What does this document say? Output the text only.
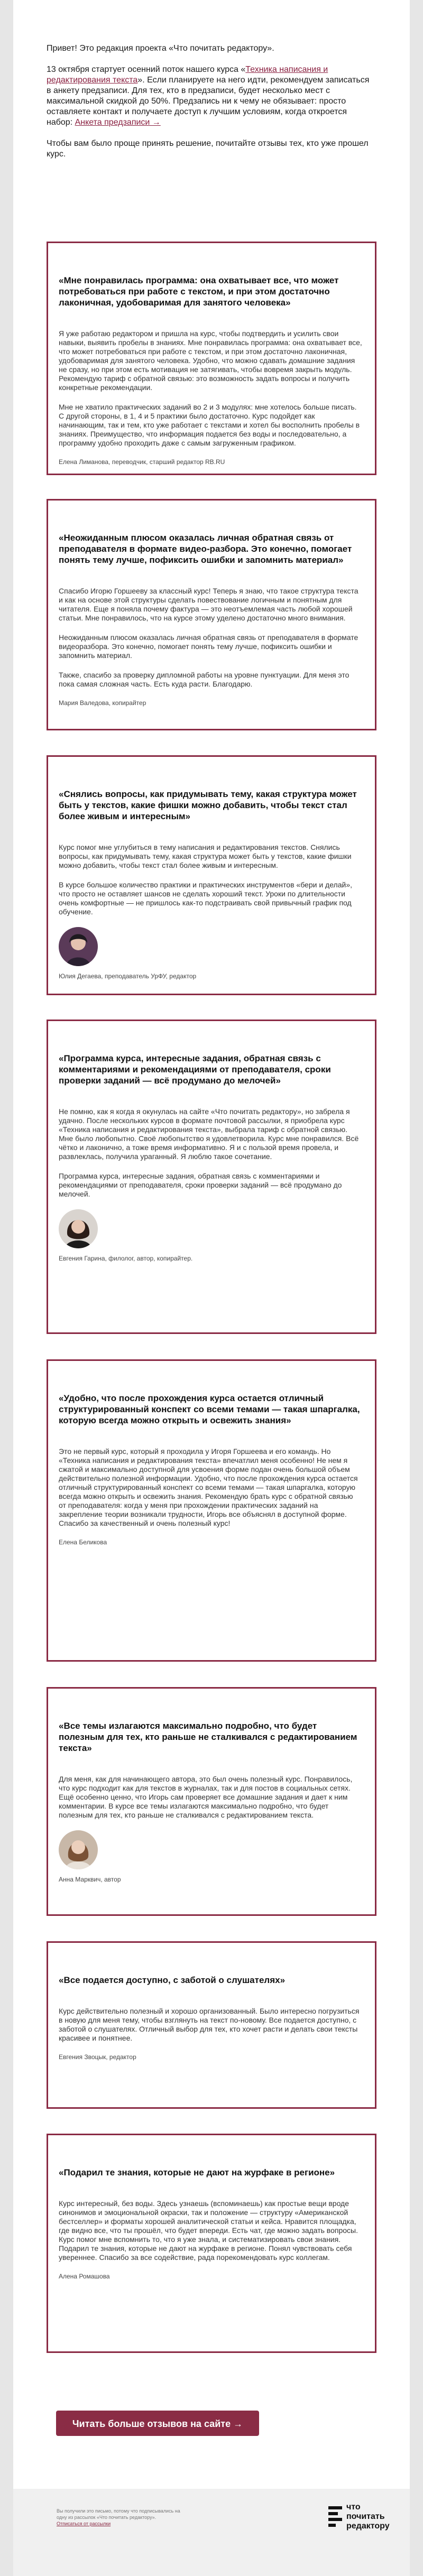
Привет! Это редакция проекта «Что почитать редактору».

13 октября стартует осенний поток нашего курса «Техника написания и редактирования текста». Если планируете на него идти, рекомендуем записаться в анкету предзаписи. Для тех, кто в предзаписи, будет несколько мест с максимальной скидкой до 50%. Предзапись ни к чему не обязывает: просто оставляете контакт и получаете доступ к лучшим условиям, когда откроется набор: Анкета предзаписи →

Чтобы вам было проще принять решение, почитайте отзывы тех, кто уже прошел курс.

«Мне понравилась программа: она охватывает все, что может потребоваться при работе с текстом, и при этом достаточно лаконичная, удобоваримая для занятого человека»

Я уже работаю редактором и пришла на курс, чтобы подтвердить и усилить свои навыки, выявить пробелы в знаниях. Мне понравилась программа: она охватывает все, что может потребоваться при работе с текстом, и при этом достаточно лаконичная, удобоваримая для занятого человека. Удобно, что можно сдавать домашние задания не сразу, но при этом есть мотивация не затягивать, чтобы вовремя закрыть модуль. Рекомендую тариф с обратной связью: это возможность задать вопросы и получить конкретные рекомендации.

Мне не хватило практических заданий во 2 и 3 модулях: мне хотелось больше писать. С другой стороны, в 1, 4 и 5 практики было достаточно. Курс подойдет как начинающим, так и тем, кто уже работает с текстами и хотел бы восполнить пробелы в знаниях. Преимущество, что информация подается без воды и последовательно, а программу удобно проходить даже с самым загруженным графиком.

Елена Лиманова, переводчик, старший редактор RB.RU
«Неожиданным плюсом оказалась личная обратная связь от преподавателя в формате видео-разбора. Это конечно, помогает понять тему лучше, пофиксить ошибки и запомнить материал»

Спасибо Игорю Горшееву за классный курс! Теперь я знаю, что такое структура текста и как на основе этой структуры сделать повествование логичным и понятным для читателя. Еще я поняла почему фактура — это неотъемлемая часть любой хорошей статьи. Мне понравилось, что на курсе этому уделено достаточно много внимания.

Неожиданным плюсом оказалась личная обратная связь от преподавателя в формате видеоразбора. Это конечно, помогает понять тему лучше, пофиксить ошибки и запомнить материал.

Также, спасибо за проверку дипломной работы на уровне пунктуации. Для меня это пока самая сложная часть. Есть куда расти. Благодарю.

Мария Валедова, копирайтер
«Снялись вопросы, как придумывать тему, какая структура может быть у текстов, какие фишки можно добавить, чтобы текст стал более живым и интересным»

Курс помог мне углубиться в тему написания и редактирования текстов. Снялись вопросы, как придумывать тему, какая структура может быть у текстов, какие фишки можно добавить, чтобы текст стал более живым и интересным.

В курсе большое количество практики и практических инструментов «бери и делай», что просто не оставляет шансов не сделать хороший текст. Уроки по длительности очень комфортные — не пришлось как-то подстраивать свой привычный график под обучение.

Юлия Дегаева, преподаватель УрФУ, редактор
«Программа курса, интересные задания, обратная связь с комментариями и рекомендациями от преподавателя, сроки проверки заданий — всё продумано до мелочей»

Не помню, как я когда я окунулась на сайте «Что почитать редактору», но забрела я удачно. После нескольких курсов в формате почтовой рассылки, я приобрела курс «Техника написания и редактирования текста», выбрала тариф с обратной связью. Мне было любопытно. Своё любопытство я удовлетворила. Курс мне понравился. Всё чётко и лаконично, а тоже время информативно. Я и с пользой время провела, и развлеклась, получила ураганный. Я люблю такое сочетание.

Программа курса, интересные задания, обратная связь с комментариями и рекомендациями от преподавателя, сроки проверки заданий — всё продумано до мелочей.

Евгения Гарина, филолог, автор, копирайтер.
«Удобно, что после прохождения курса остается отличный структурированный конспект со всеми темами — такая шпаргалка, которую всегда можно открыть и освежить знания»

Это не первый курс, который я проходила у Игоря Горшеева и его командь. Но «Техника написания и редактирования текста» впечатлил меня особенно! Не нем я сжатой и максимально доступной для усвоения форме подан очень большой объем действительно полезной информации. Удобно, что после прохождения курса остается отличный структурированный конспект со всеми темами — такая шпаргалка, которую всегда можно открыть и освежить знания. Рекомендую брать курс с обратной связью от преподавателя: когда у меня при прохождении практических заданий на закрепление теории возникали трудности, Игорь все объяснял в доступной форме. Спасибо за качественный и очень полезный курс!

Елена Беликова
«Все темы излагаются максимально подробно, что будет полезным для тех, кто раньше не сталкивался с редактированием текста»

Для меня, как для начинающего автора, это был очень полезный курс. Понравилось, что курс подходит как для текстов в журналах, так и для постов в социальных сетях. Ещё особенно ценно, что Игорь сам проверяет все домашние задания и дает к ним комментарии. В курсе все темы излагаются максимально подробно, что будет полезным для тех, кто раньше не сталкивался с редактированием текста.

Анна Марквич, автор
«Все подается доступно, с заботой о слушателях»

Курс действительно полезный и хорошо организованный. Было интересно погрузиться в новую для меня тему, чтобы взглянуть на текст по-новому. Все подается доступно, с заботой о слушателях. Отличный выбор для тех, кто хочет расти и делать свои тексты красивее и понятнее.

Евгения Звоцык, редактор
«Подарил те знания, которые не дают на журфаке в регионе»

Курс интересный, без воды. Здесь узнаешь (вспоминаешь) как простые вещи вроде синонимов и эмоциональной окраски, так и положение — структуру «Американской бестселлер» и форматы хорошей аналитической статьи и кейса. Нравится площадка, где видно все, что ты прошёл, что будет впереди. Есть чат, где можно задать вопросы. Курс помог мне вспомнить то, что я уже знала, и систематизировать свои знания. Подарил те знания, которые не дают на журфаке в регионе. Понял чувствовать себя увереннее. Спасибо за все содействие, рада порекомендовать курс коллегам.

Алена Ромашова
Читать больше отзывов на сайте →
Вы получили это письмо, потому что подписывались на
одну из рассылок «Что почитать редактору».
Отписаться от рассылки
что
почитать
редактору
